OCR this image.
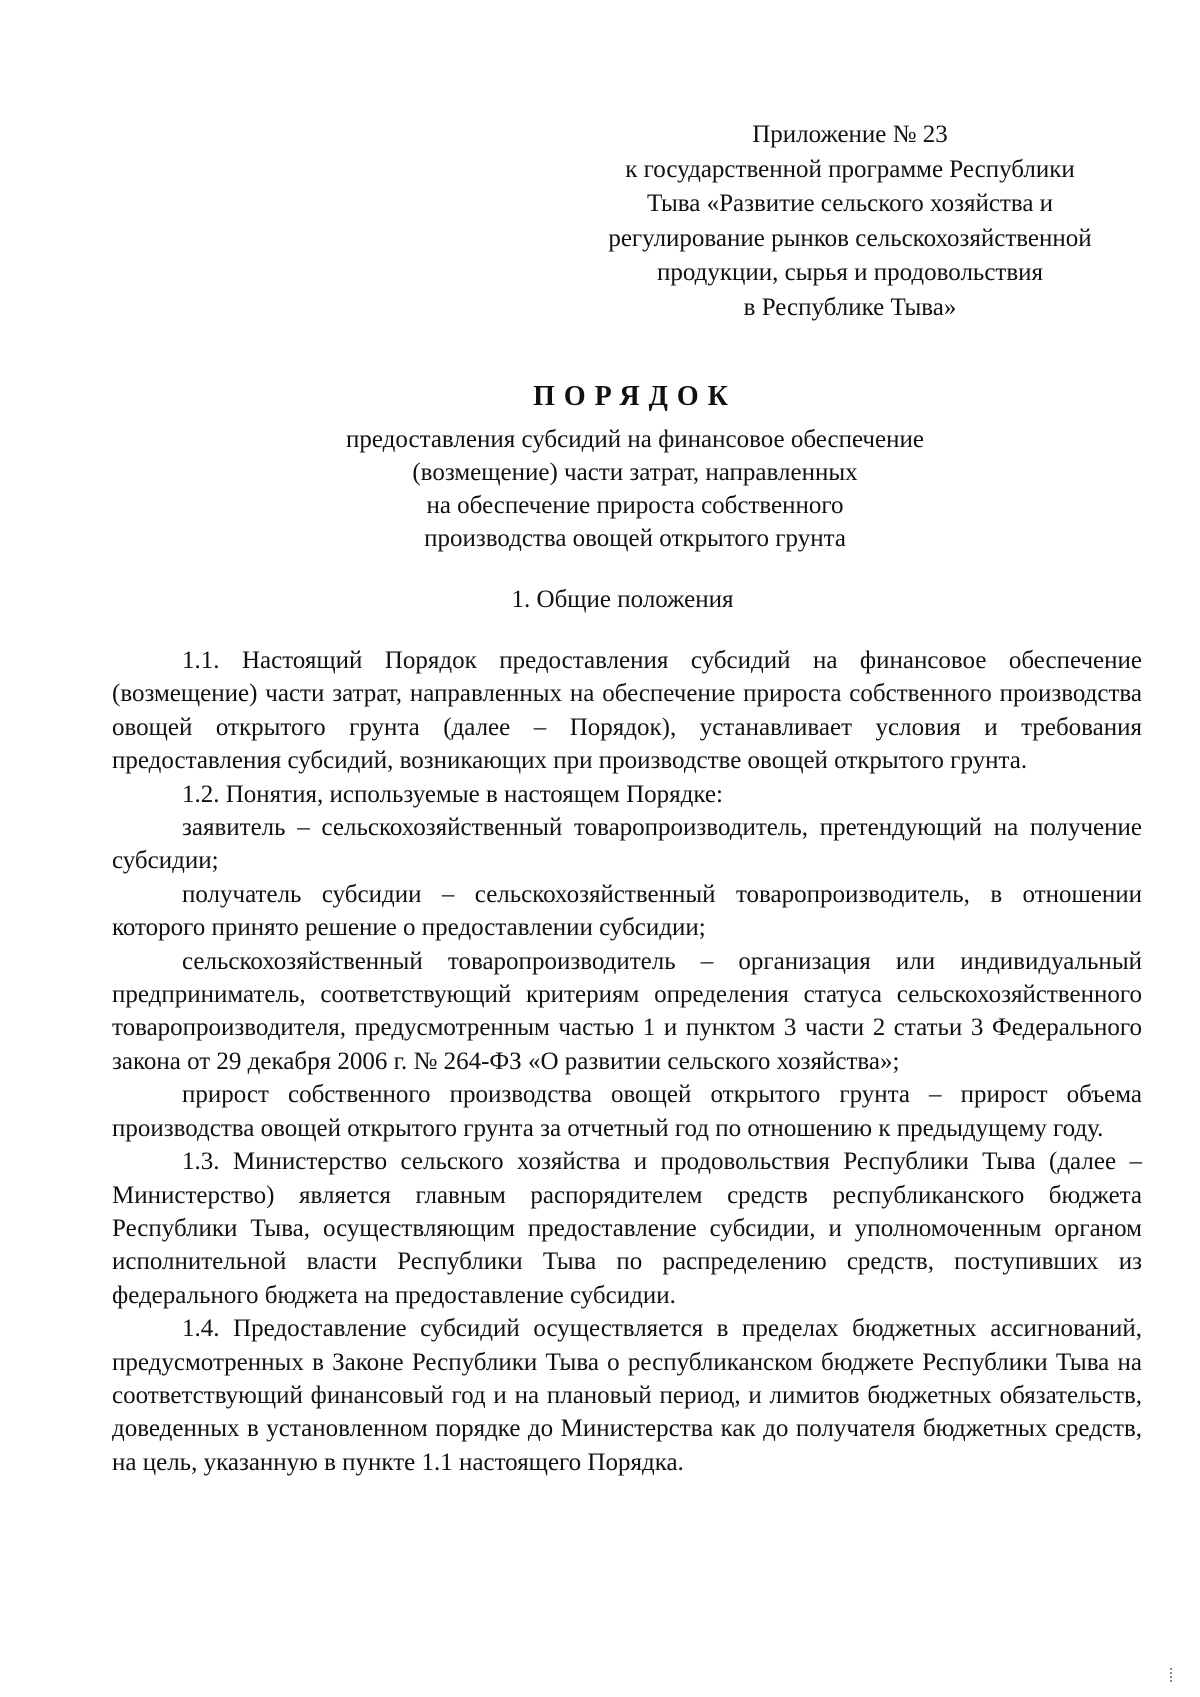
Приложение № 23
к государственной программе Республики
Тыва «Развитие сельского хозяйства и
регулирование рынков сельскохозяйственной
продукции, сырья и продовольствия
в Республике Тыва»
ПОРЯДОК
предоставления субсидий на финансовое обеспечение
(возмещение) части затрат, направленных
на обеспечение прироста собственного
производства овощей открытого грунта
1. Общие положения

1.1. Настоящий Порядок предоставления субсидий на финансовое обеспечение (возмещение) части затрат, направленных на обеспечение прироста собственного производства овощей открытого грунта (далее – Порядок), устанавливает условия и требования предоставления субсидий, возникающих при производстве овощей открытого грунта.

1.2. Понятия, используемые в настоящем Порядке:

заявитель – сельскохозяйственный товаропроизводитель, претендующий на получение субсидии;

получатель субсидии – сельскохозяйственный товаропроизводитель, в отношении которого принято решение о предоставлении субсидии;

сельскохозяйственный товаропроизводитель – организация или индивидуальный предприниматель, соответствующий критериям определения статуса сельскохозяйственного товаропроизводителя, предусмотренным частью 1 и пунктом 3 части 2 статьи 3 Федерального закона от 29 декабря 2006 г. № 264-ФЗ «О развитии сельского хозяйства»;

прирост собственного производства овощей открытого грунта – прирост объема производства овощей открытого грунта за отчетный год по отношению к предыдущему году.

1.3. Министерство сельского хозяйства и продовольствия Республики Тыва (далее – Министерство) является главным распорядителем средств республиканского бюджета Республики Тыва, осуществляющим предоставление субсидии, и уполномоченным органом исполнительной власти Республики Тыва по распределению средств, поступивших из федерального бюджета на предоставление субсидии.

1.4. Предоставление субсидий осуществляется в пределах бюджетных ассигнований, предусмотренных в Законе Республики Тыва о республиканском бюджете Республики Тыва на соответствующий финансовый год и на плановый период, и лимитов бюджетных обязательств, доведенных в установленном порядке до Министерства как до получателя бюджетных средств, на цель, указанную в пункте 1.1 настоящего Порядка.
